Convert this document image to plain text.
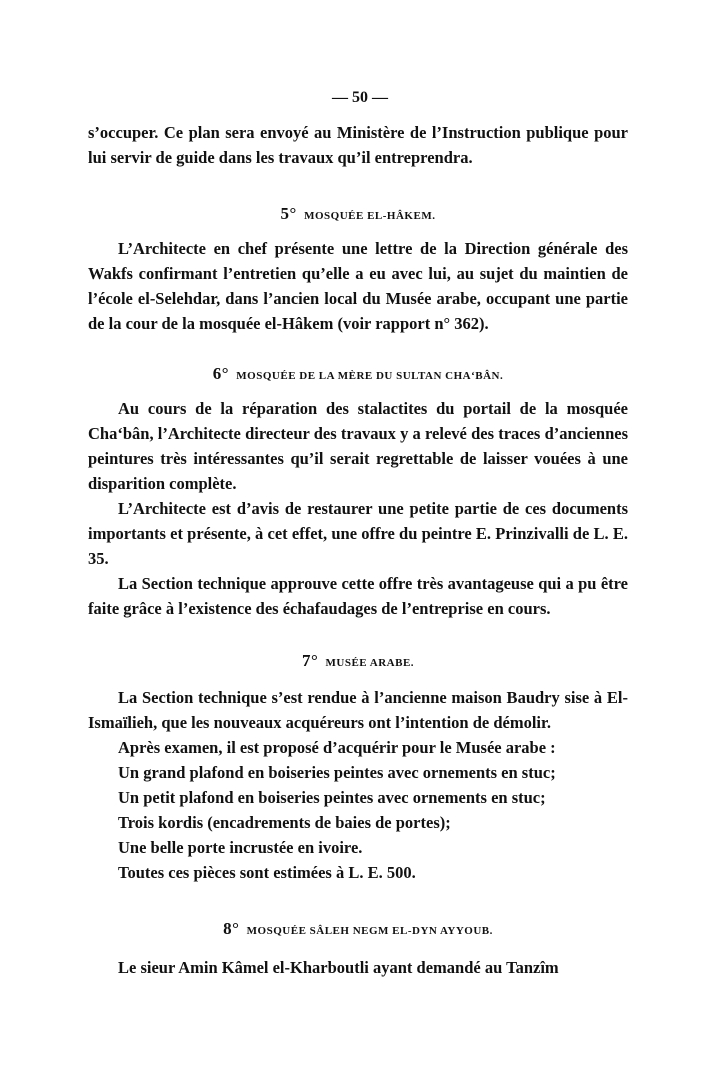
— 50 —

s’occuper. Ce plan sera envoyé au Ministère de l’Instruction publique pour lui servir de guide dans les travaux qu’il entreprendra.

5° MOSQUÉE EL-HÂKEM.

L’Architecte en chef présente une lettre de la Direction générale des Wakfs confirmant l’entretien qu’elle a eu avec lui, au sujet du maintien de l’école el-Selehdar, dans l’ancien local du Musée arabe, occupant une partie de la cour de la mosquée el-Hâkem (voir rapport n° 362).

6° MOSQUÉE DE LA MÈRE DU SULTAN CHA‘BÂN.

Au cours de la réparation des stalactites du portail de la mosquée Cha‘bân, l’Architecte directeur des travaux y a relevé des traces d’anciennes peintures très intéressantes qu’il serait regrettable de laisser vouées à une disparition complète.

L’Architecte est d’avis de restaurer une petite partie de ces documents importants et présente, à cet effet, une offre du peintre E. Prinzivalli de L. E. 35.

La Section technique approuve cette offre très avantageuse qui a pu être faite grâce à l’existence des échafaudages de l’entreprise en cours.

7° MUSÉE ARABE.

La Section technique s’est rendue à l’ancienne maison Baudry sise à El-Ismaïlieh, que les nouveaux acquéreurs ont l’intention de démolir.

Après examen, il est proposé d’acquérir pour le Musée arabe :

Un grand plafond en boiseries peintes avec ornements en stuc;

Un petit plafond en boiseries peintes avec ornements en stuc;

Trois kordis (encadrements de baies de portes);

Une belle porte incrustée en ivoire.

Toutes ces pièces sont estimées à L. E. 500.

8° MOSQUÉE SÂLEH NEGM EL-DYN AYYOUB.

Le sieur Amin Kâmel el-Kharboutli ayant demandé au Tanzîm
